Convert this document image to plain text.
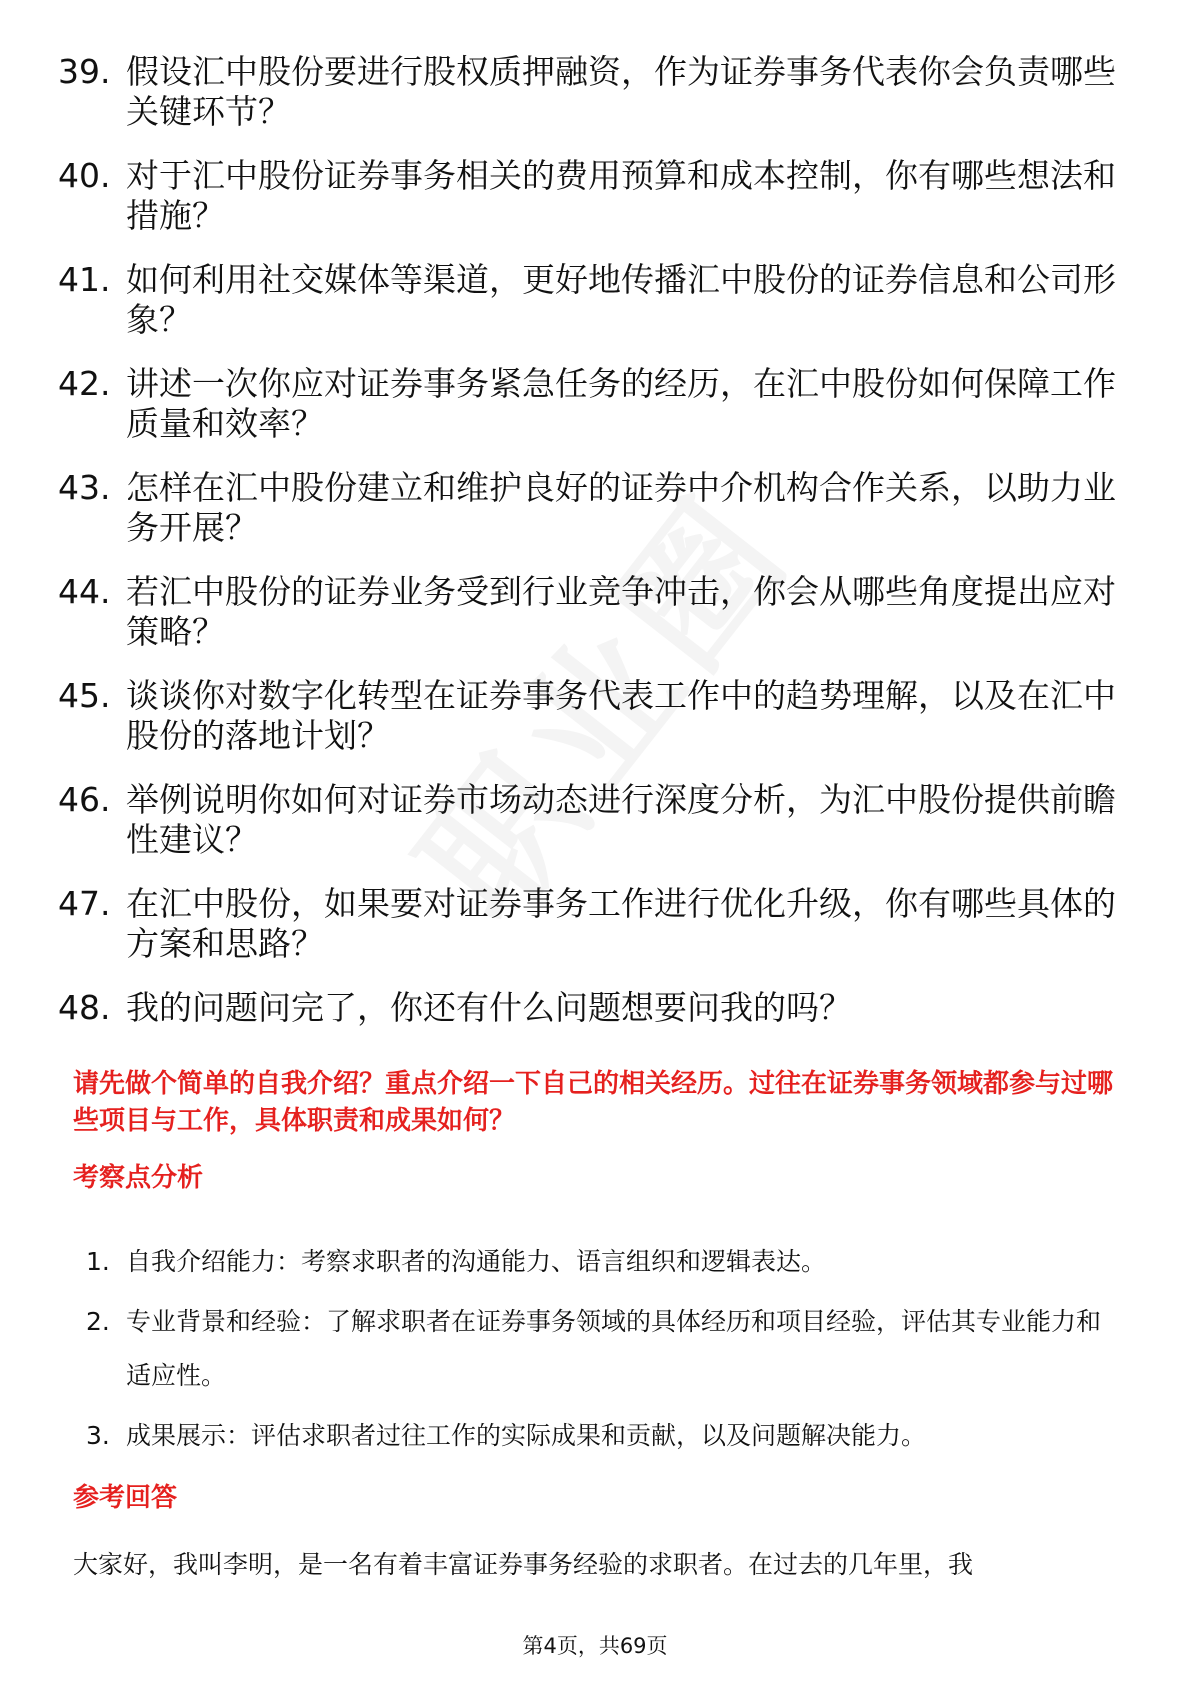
39. 假设汇中股份要进行股权质押融资，作为证券事务代表你会负责哪些关键环节？
40. 对于汇中股份证券事务相关的费用预算和成本控制，你有哪些想法和措施？
41. 如何利用社交媒体等渠道，更好地传播汇中股份的证券信息和公司形象？
42. 讲述一次你应对证券事务紧急任务的经历，在汇中股份如何保障工作质量和效率？
43. 怎样在汇中股份建立和维护良好的证券中介机构合作关系，以助力业务开展？
44. 若汇中股份的证券业务受到行业竞争冲击，你会从哪些角度提出应对策略？
45. 谈谈你对数字化转型在证券事务代表工作中的趋势理解，以及在汇中股份的落地计划？
46. 举例说明你如何对证券市场动态进行深度分析，为汇中股份提供前瞻性建议？
47. 在汇中股份，如果要对证券事务工作进行优化升级，你有哪些具体的方案和思路？
48. 我的问题问完了，你还有什么问题想要问我的吗？
请先做个简单的自我介绍？重点介绍一下自己的相关经历。过往在证券事务领域都参与过哪些项目与工作，具体职责和成果如何？
考察点分析
1. 自我介绍能力：考察求职者的沟通能力、语言组织和逻辑表达。
2. 专业背景和经验：了解求职者在证券事务领域的具体经历和项目经验，评估其专业能力和适应性。
3. 成果展示：评估求职者过往工作的实际成果和贡献，以及问题解决能力。
参考回答
大家好，我叫李明，是一名有着丰富证券事务经验的求职者。在过去的几年里，我
第4页，共69页
